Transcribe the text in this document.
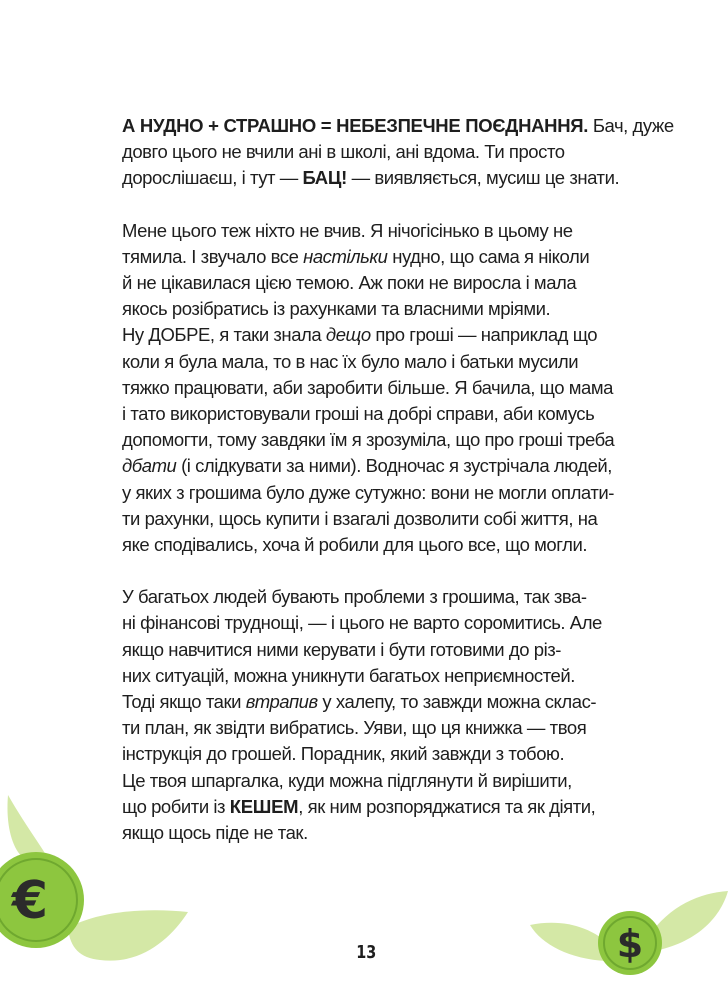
А НУДНО + СТРАШНО = НЕБЕЗПЕЧНЕ ПОЄДНАННЯ. Бач, дуже
довго цього не вчили ані в школі, ані вдома. Ти просто
дорослішаєш, і тут — БАЦ! — виявляється, мусиш це знати.

Мене цього теж ніхто не вчив. Я нічогісінько в цьому не
тямила. І звучало все настільки нудно, що сама я ніколи
й не цікавилася цією темою. Аж поки не виросла і мала
якось розібратись із рахунками та власними мріями.
Ну ДОБРЕ, я таки знала дещо про гроші — наприклад що
коли я була мала, то в нас їх було мало і батьки мусили
тяжко працювати, аби заробити більше. Я бачила, що мама
і тато використовували гроші на добрі справи, аби комусь
допомогти, тому завдяки їм я зрозуміла, що про гроші треба
дбати (і слідкувати за ними). Водночас я зустрічала людей,
у яких з грошима було дуже сутужно: вони не могли оплати-
ти рахунки, щось купити і взагалі дозволити собі життя, на
яке сподівались, хоча й робили для цього все, що могли.

У багатьох людей бувають проблеми з грошима, так зва-
ні фінансові труднощі, — і цього не варто соромитись. Але
якщо навчитися ними керувати і бути готовими до різ-
них ситуацій, можна уникнути багатьох неприємностей.
Тоді якщо таки втрапив у халепу, то завжди можна склас-
ти план, як звідти вибратись. Уяви, що ця книжка — твоя
інструкція до грошей. Порадник, який завжди з тобою.
Це твоя шпаргалка, куди можна підглянути й вирішити,
що робити із КЕШЕМ, як ним розпоряджатися та як діяти,
якщо щось піде не так.

€
$
13
